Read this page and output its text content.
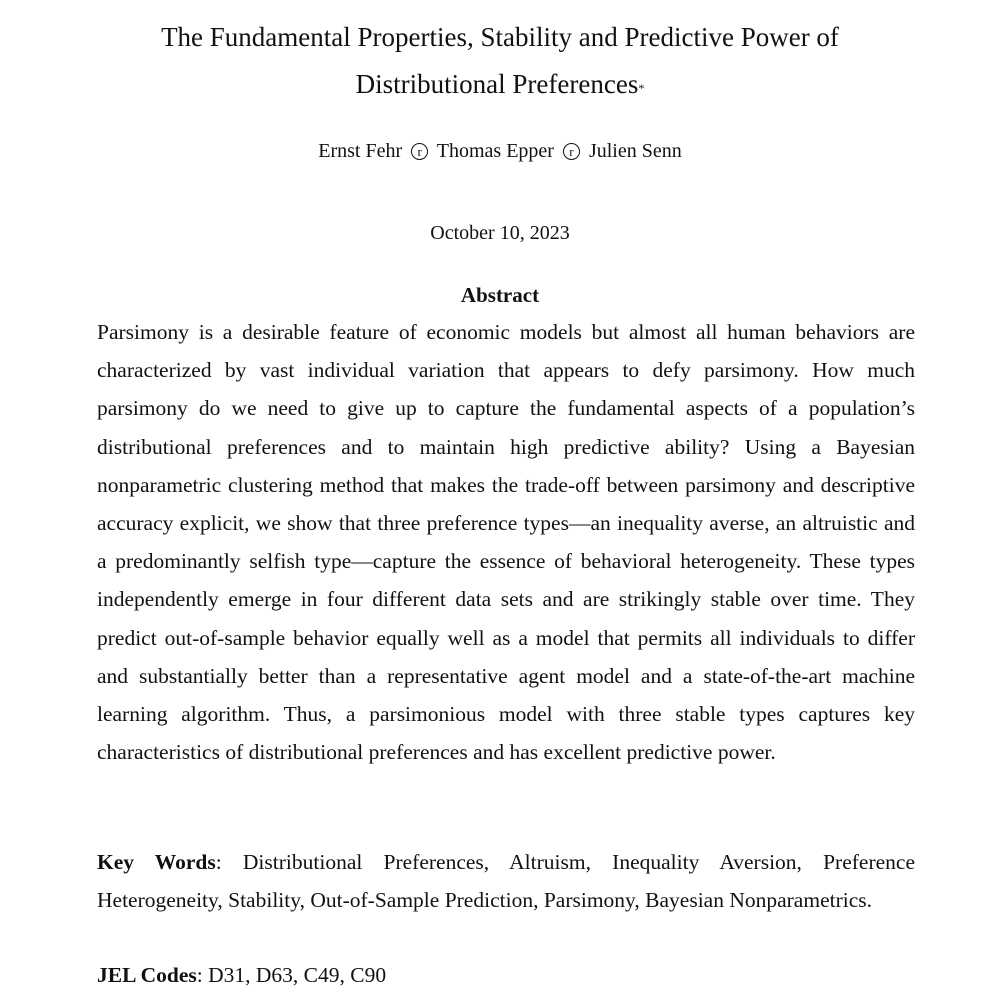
The Fundamental Properties, Stability and Predictive Power of
Distributional Preferences*
Ernst Fehr r Thomas Epper r Julien Senn
October 10, 2023
Abstract

Parsimony is a desirable feature of economic models but almost all human behaviors are characterized by vast individual variation that appears to defy parsimony. How much parsimony do we need to give up to capture the fundamental aspects of a population’s distributional preferences and to maintain high predictive ability? Using a Bayesian nonparametric clustering method that makes the trade-off between parsimony and descriptive accuracy explicit, we show that three preference types—an inequality averse, an altruistic and a predominantly selfish type—capture the essence of behavioral heterogeneity. These types independently emerge in four different data sets and are strikingly stable over time. They predict out-of-sample behavior equally well as a model that permits all individuals to differ and substantially better than a representative agent model and a state-of-the-art machine learning algorithm. Thus, a parsimonious model with three stable types captures key characteristics of distributional preferences and has excellent predictive power.

Key Words: Distributional Preferences, Altruism, Inequality Aversion, Preference Heterogeneity, Stability, Out-of-Sample Prediction, Parsimony, Bayesian Nonparametrics.

JEL Codes: D31, D63, C49, C90
